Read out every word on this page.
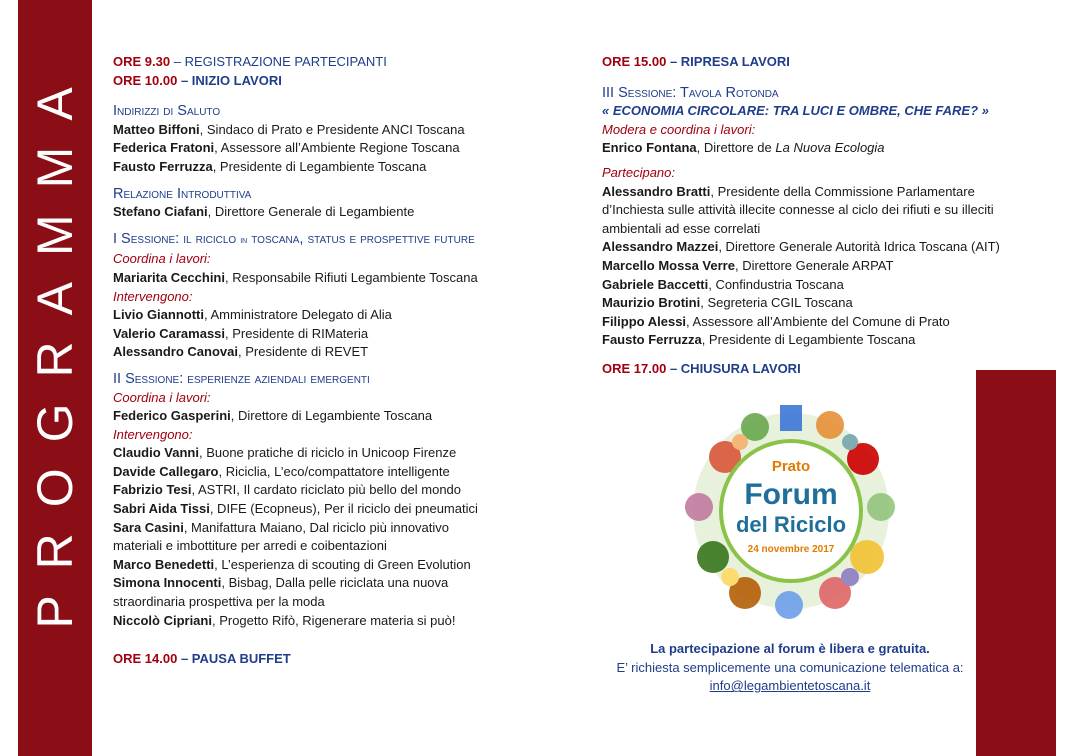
PROGRAMMA ORE 9.30 – REGISTRAZIONE PARTECIPANTI
ORE 10.00 – INIZIO LAVORI
Indirizzi di Saluto
Matteo Biffoni, Sindaco di Prato e Presidente ANCI Toscana
Federica Fratoni, Assessore all’Ambiente Regione Toscana
Fausto Ferruzza, Presidente di Legambiente Toscana
Relazione Introduttiva
Stefano Ciafani, Direttore Generale di Legambiente
I Sessione: il riciclo in toscana, status e prospettive future
Coordina i lavori:
Mariarita Cecchini, Responsabile Rifiuti Legambiente Toscana
Intervengono:
Livio Giannotti, Amministratore Delegato di Alia
Valerio Caramassi, Presidente di RIMateria
Alessandro Canovai, Presidente di REVET
II Sessione: esperienze aziendali emergenti
Coordina i lavori:
Federico Gasperini, Direttore di Legambiente Toscana
Intervengono:
Claudio Vanni, Buone pratiche di riciclo in Unicoop Firenze
Davide Callegaro, Riciclia, L’eco/compattatore intelligente
Fabrizio Tesi, ASTRI, Il cardato riciclato più bello del mondo
Sabri Aida Tissi, DIFE (Ecopneus), Per il riciclo dei pneumatici
Sara Casini, Manifattura Maiano, Dal riciclo più innovativo
materiali e imbottiture per arredi e coibentazioni
Marco Benedetti, L’esperienza di scouting di Green Evolution
Simona Innocenti, Bisbag, Dalla pelle riciclata una nuova
straordinaria prospettiva per la moda
Niccolò Cipriani, Progetto Rifò, Rigenerare materia si può!
ORE 14.00 – PAUSA BUFFET
ORE 15.00 – RIPRESA LAVORI
III Sessione: Tavola Rotonda
« ECONOMIA CIRCOLARE: TRA LUCI E OMBRE, CHE FARE? »
Modera e coordina i lavori:
Enrico Fontana, Direttore de La Nuova Ecologia
Partecipano:
Alessandro Bratti, Presidente della Commissione Parlamentare
d’Inchiesta sulle attività illecite connesse al ciclo dei rifiuti e su illeciti
ambientali ad esse correlati
Alessandro Mazzei, Direttore Generale Autorità Idrica Toscana (AIT)
Marcello Mossa Verre, Direttore Generale ARPAT
Gabriele Baccetti, Confindustria Toscana
Maurizio Brotini, Segreteria CGIL Toscana
Filippo Alessi, Assessore all’Ambiente del Comune di Prato
Fausto Ferruzza, Presidente di Legambiente Toscana
ORE 17.00 – CHIUSURA LAVORI
Prato
Forum
del Riciclo
24 novembre 2017
La partecipazione al forum è libera e gratuita.
E’ richiesta semplicemente una comunicazione telematica a:
info@legambientetoscana.it
